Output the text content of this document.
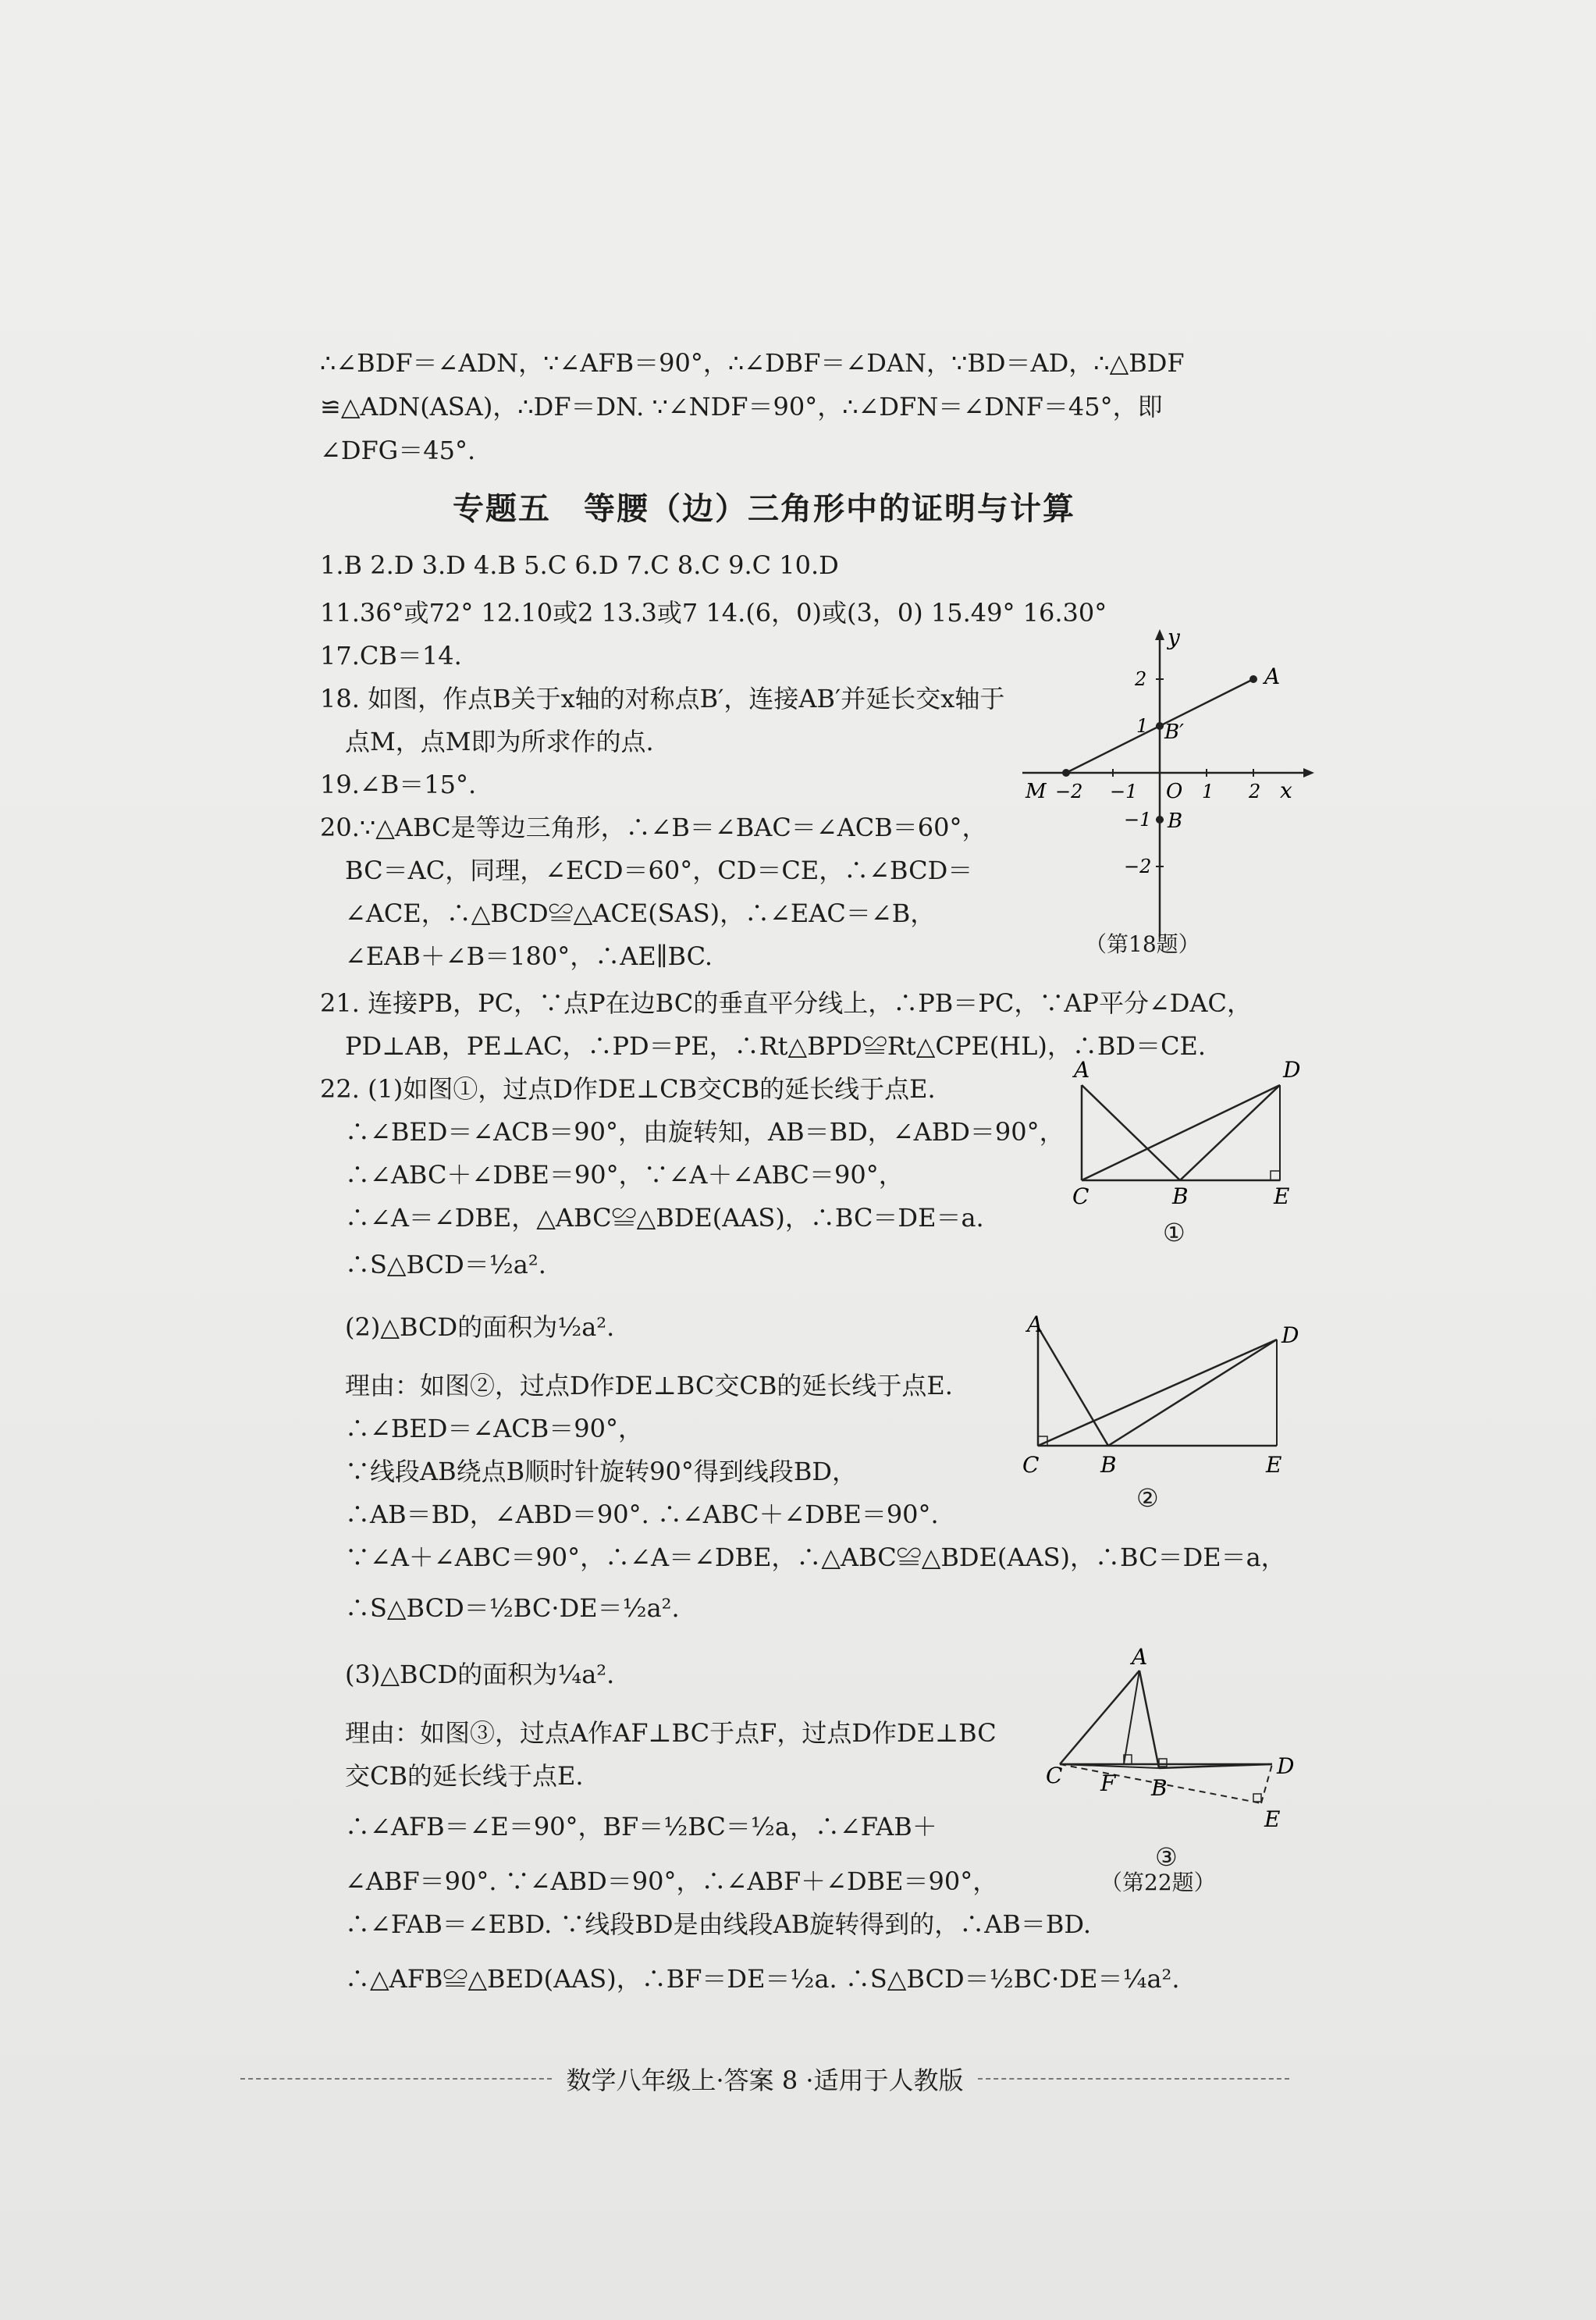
∴∠BDF＝∠ADN，∵∠AFB＝90°，∴∠DBF＝∠DAN，∵BD＝AD，∴△BDF
≌△ADN(ASA)，∴DF＝DN. ∵∠NDF＝90°，∴∠DFN＝∠DNF＝45°，即
∠DFG＝45°.
专题五　等腰（边）三角形中的证明与计算
1.B 2.D 3.D 4.B 5.C 6.D 7.C 8.C 9.C 10.D
11.36°或72° 12.10或2 13.3或7 14.(6，0)或(3，0) 15.49° 16.30°
17.CB＝14.
18. 如图，作点B关于x轴的对称点B′，连接AB′并延长交x轴于
　点M，点M即为所求作的点.
19.∠B＝15°.
20.∵△ABC是等边三角形，∴∠B＝∠BAC＝∠ACB＝60°，
　BC＝AC，同理，∠ECD＝60°，CD＝CE，∴∠BCD＝
　∠ACE，∴△BCD≌△ACE(SAS)，∴∠EAC＝∠B，
　∠EAB＋∠B＝180°，∴AE∥BC.
21. 连接PB，PC，∵点P在边BC的垂直平分线上，∴PB＝PC，∵AP平分∠DAC，
　PD⊥AB，PE⊥AC，∴PD＝PE，∴Rt△BPD≌Rt△CPE(HL)，∴BD＝CE.
22. (1)如图①，过点D作DE⊥CB交CB的延长线于点E.
　∴∠BED＝∠ACB＝90°，由旋转知，AB＝BD，∠ABD＝90°，
　∴∠ABC＋∠DBE＝90°，∵∠A＋∠ABC＝90°，
　∴∠A＝∠DBE，△ABC≌△BDE(AAS)，∴BC＝DE＝a.
　∴S△BCD＝½a².
　(2)△BCD的面积为½a².
　理由：如图②，过点D作DE⊥BC交CB的延长线于点E.
　∴∠BED＝∠ACB＝90°，
　∵线段AB绕点B顺时针旋转90°得到线段BD，
　∴AB＝BD，∠ABD＝90°. ∴∠ABC＋∠DBE＝90°.
　∵∠A＋∠ABC＝90°，∴∠A＝∠DBE，∴△ABC≌△BDE(AAS)，∴BC＝DE＝a，
　∴S△BCD＝½BC·DE＝½a².
　(3)△BCD的面积为¼a².
　理由：如图③，过点A作AF⊥BC于点F，过点D作DE⊥BC
　交CB的延长线于点E.
　∴∠AFB＝∠E＝90°，BF＝½BC＝½a，∴∠FAB＋
　∠ABF＝90°. ∵∠ABD＝90°，∴∠ABF＋∠DBE＝90°，
　∴∠FAB＝∠EBD. ∵线段BD是由线段AB旋转得到的，∴AB＝BD.
　∴△AFB≌△BED(AAS)，∴BF＝DE＝½a. ∴S△BCD＝½BC·DE＝¼a².
y
x
O
A
B′
B
M −2 −1	1 2
2
1
−1
−2
（第18题）
A	D
C	B	E
①
A	D
C	B	E
②
A
C F B
D
E
③
（第22题）
数学八年级上·答案 8 ·适用于人教版
